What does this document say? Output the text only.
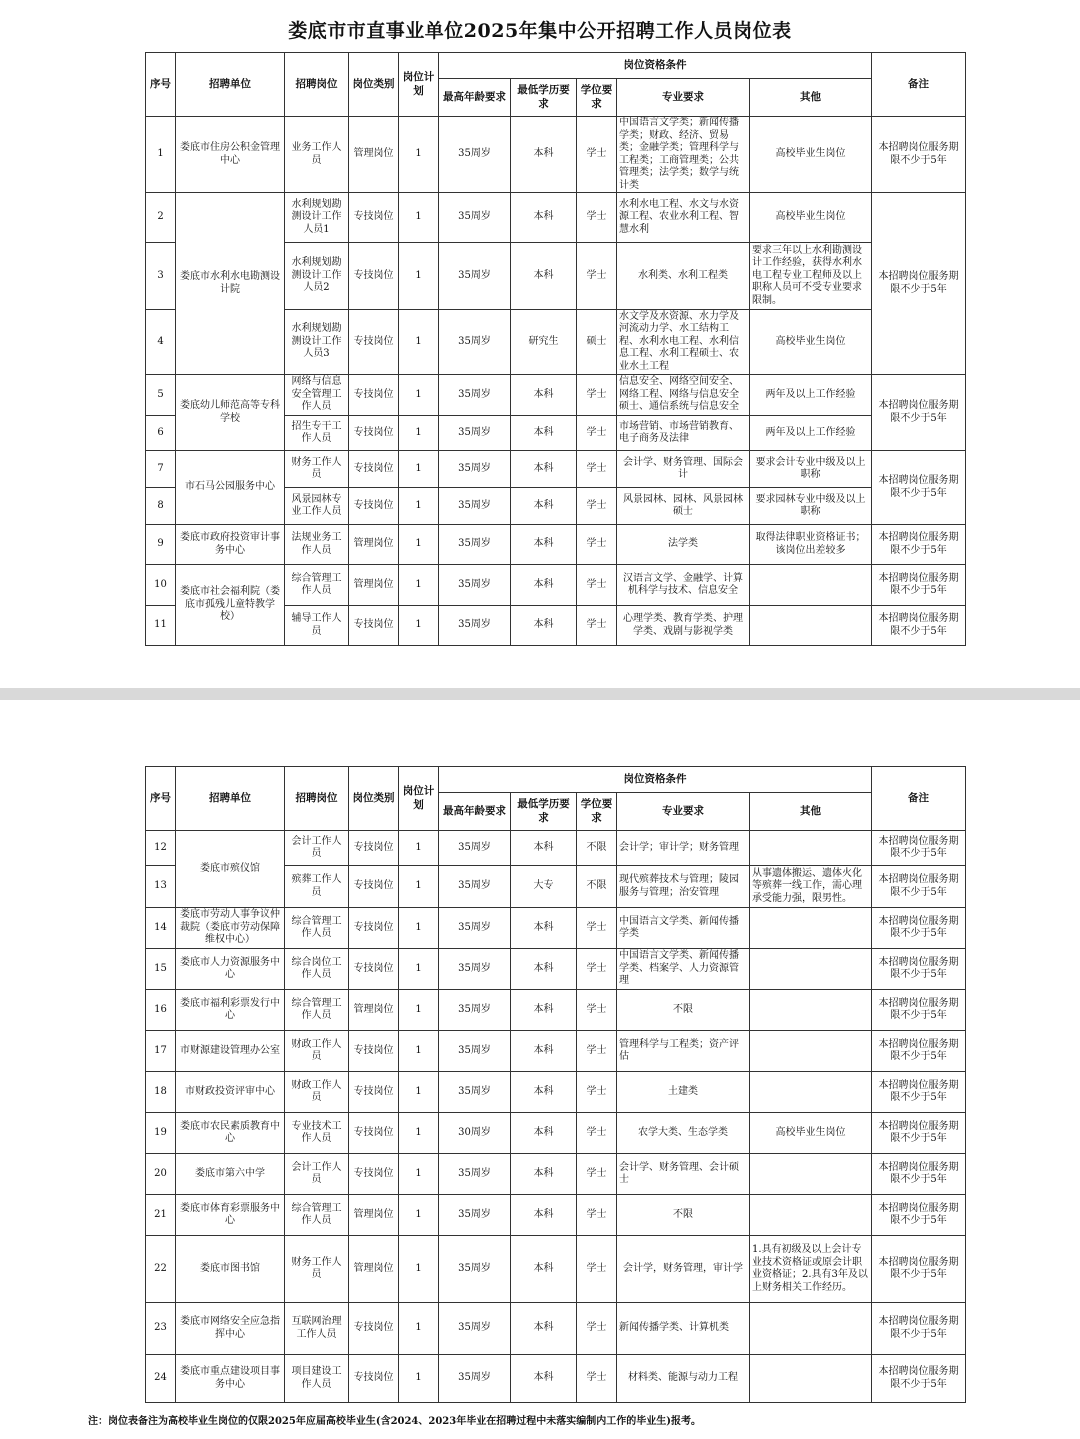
娄底市市直事业单位2025年集中公开招聘工作人员岗位表
序号	招聘单位	招聘岗位	岗位类别	岗位计划	岗位资格条件					备注
					最高年龄要求	最低学历要求	学位要求	专业要求	其他	
1	娄底市住房公积金管理中心	业务工作人员	管理岗位	1	35周岁	本科	学士	中国语言文学类；新闻传播学类；财政、经济、贸易类；金融学类；管理科学与工程类；工商管理类；公共管理类；法学类；数学与统计类	高校毕业生岗位	本招聘岗位服务期限不少于5年
2	娄底市水利水电勘测设计院	水利规划勘测设计工作人员1	专技岗位	1	35周岁	本科	学士	水利水电工程、水文与水资源工程、农业水利工程、智慧水利	高校毕业生岗位	本招聘岗位服务期限不少于5年
3		水利规划勘测设计工作人员2	专技岗位	1	35周岁	本科	学士	水利类、水利工程类	要求三年以上水利勘测设计工作经验，获得水利水电工程专业工程师及以上职称人员可不受专业要求限制。	
4		水利规划勘测设计工作人员3	专技岗位	1	35周岁	研究生	硕士	水文学及水资源、水力学及河流动力学、水工结构工程、水利水电工程、水利信息工程、水利工程硕士、农业水土工程	高校毕业生岗位	
5	娄底幼儿师范高等专科学校	网络与信息安全管理工作人员	专技岗位	1	35周岁	本科	学士	信息安全、网络空间安全、网络工程、网络与信息安全硕士、通信系统与信息安全	两年及以上工作经验	本招聘岗位服务期限不少于5年
6		招生专干工作人员	专技岗位	1	35周岁	本科	学士	市场营销、市场营销教育、电子商务及法律	两年及以上工作经验	
7	市石马公园服务中心	财务工作人员	专技岗位	1	35周岁	本科	学士	会计学、财务管理、国际会计	要求会计专业中级及以上职称	本招聘岗位服务期限不少于5年
8		风景园林专业工作人员	专技岗位	1	35周岁	本科	学士	风景园林、园林、风景园林硕士	要求园林专业中级及以上职称	
9	娄底市政府投资审计事务中心	法规业务工作人员	管理岗位	1	35周岁	本科	学士	法学类	取得法律职业资格证书；该岗位出差较多	本招聘岗位服务期限不少于5年
10	娄底市社会福利院（娄底市孤残儿童特教学校）	综合管理工作人员	管理岗位	1	35周岁	本科	学士	汉语言文学、金融学、计算机科学与技术、信息安全		本招聘岗位服务期限不少于5年
11		辅导工作人员	专技岗位	1	35周岁	本科	学士	心理学类、教育学类、护理学类、戏剧与影视学类		本招聘岗位服务期限不少于5年
序号	招聘单位	招聘岗位	岗位类别	岗位计划	岗位资格条件					备注
					最高年龄要求	最低学历要求	学位要求	专业要求	其他	
12	娄底市殡仪馆	会计工作人员	专技岗位	1	35周岁	本科	不限	会计学；审计学；财务管理		本招聘岗位服务期限不少于5年
13		殡葬工作人员	专技岗位	1	35周岁	大专	不限	现代殡葬技术与管理；陵园服务与管理；治安管理	从事遗体搬运、遗体火化等殡葬一线工作，需心理承受能力强，限男性。	本招聘岗位服务期限不少于5年
14	娄底市劳动人事争议仲裁院（娄底市劳动保障维权中心）	综合管理工作人员	专技岗位	1	35周岁	本科	学士	中国语言文学类、新闻传播学类		本招聘岗位服务期限不少于5年
15	娄底市人力资源服务中心	综合岗位工作人员	专技岗位	1	35周岁	本科	学士	中国语言文学类、新闻传播学类、档案学、人力资源管理		本招聘岗位服务期限不少于5年
16	娄底市福利彩票发行中心	综合管理工作人员	管理岗位	1	35周岁	本科	学士	不限		本招聘岗位服务期限不少于5年
17	市财源建设管理办公室	财政工作人员	专技岗位	1	35周岁	本科	学士	管理科学与工程类；资产评估		本招聘岗位服务期限不少于5年
18	市财政投资评审中心	财政工作人员	专技岗位	1	35周岁	本科	学士	土建类		本招聘岗位服务期限不少于5年
19	娄底市农民素质教育中心	专业技术工作人员	专技岗位	1	30周岁	本科	学士	农学大类、生态学类	高校毕业生岗位	本招聘岗位服务期限不少于5年
20	娄底市第六中学	会计工作人员	专技岗位	1	35周岁	本科	学士	会计学、财务管理、会计硕士		本招聘岗位服务期限不少于5年
21	娄底市体育彩票服务中心	综合管理工作人员	管理岗位	1	35周岁	本科	学士	不限		本招聘岗位服务期限不少于5年
22	娄底市图书馆	财务工作人员	管理岗位	1	35周岁	本科	学士	会计学，财务管理，审计学	1.具有初级及以上会计专业技术资格证或原会计职业资格证；2.具有3年及以上财务相关工作经历。	本招聘岗位服务期限不少于5年
23	娄底市网络安全应急指挥中心	互联网治理工作人员	专技岗位	1	35周岁	本科	学士	新闻传播学类、计算机类		本招聘岗位服务期限不少于5年
24	娄底市重点建设项目事务中心	项目建设工作人员	专技岗位	1	35周岁	本科	学士	材料类、能源与动力工程		本招聘岗位服务期限不少于5年
注：岗位表备注为高校毕业生岗位的仅限2025年应届高校毕业生(含2024、2023年毕业在招聘过程中未落实编制内工作的毕业生)报考。
